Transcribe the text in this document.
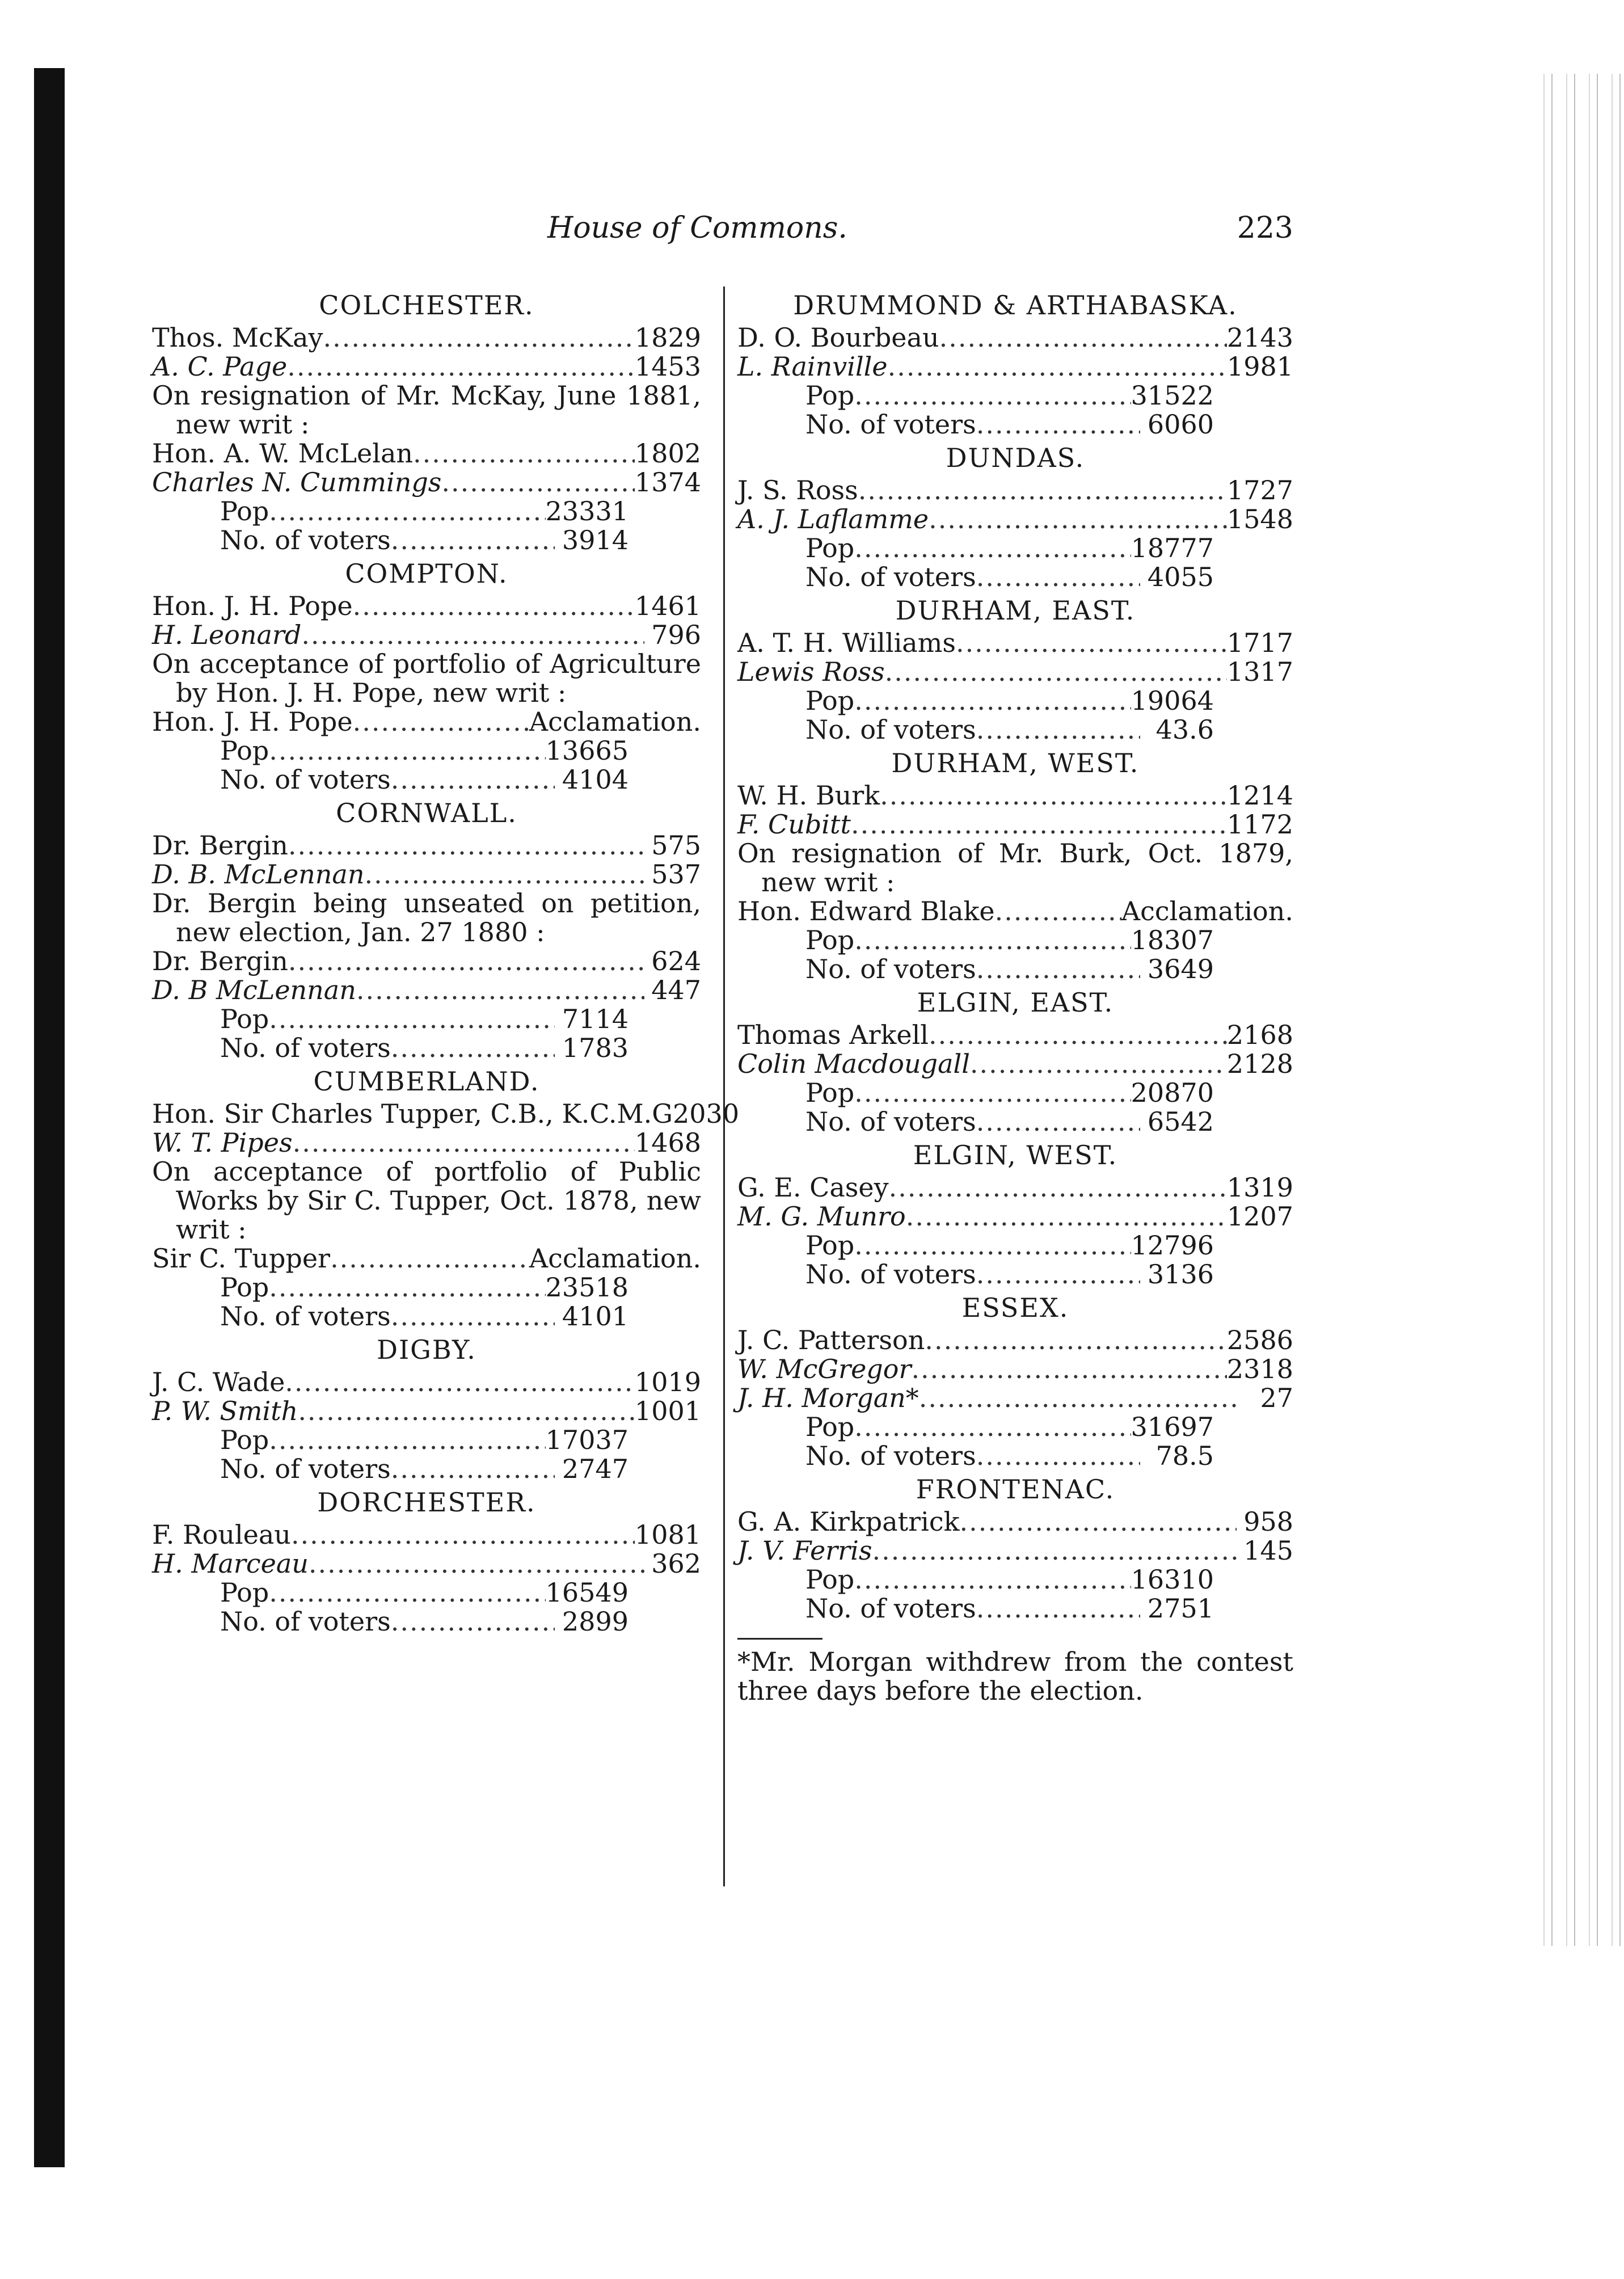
House of Commons.	223
COLCHESTER.
Thos. McKay .....	1829
A. C. Page .....	1453
On resignation of Mr. McKay, June 1881, new writ :
Hon. A. W. McLelan .....	1802
Charles N. Cummings .....	1374
Pop .....	23331
No. of voters .....	3914
COMPTON.
Hon. J. H. Pope .....	1461
H. Leonard .....	796
On acceptance of portfolio of Agriculture by Hon. J. H. Pope, new writ :
Hon. J. H. Pope .....	Acclamation.
Pop .....	13665
No. of voters .....	4104
CORNWALL.
Dr. Bergin .....	575
D. B. McLennan .....	537
Dr. Bergin being unseated on petition, new election, Jan. 27 1880 :
Dr. Bergin .....	624
D. B McLennan .....	447
Pop .....	7114
No. of voters .....	1783
CUMBERLAND.
Hon. Sir Charles Tupper, C.B., K.C.M.G 2030
W. T. Pipes .....	1468
On acceptance of portfolio of Public Works by Sir C. Tupper, Oct. 1878, new writ :
Sir C. Tupper .....	Acclamation.
Pop .....	23518
No. of voters .....	4101
DIGBY.
J. C. Wade .....	1019
P. W. Smith .....	1001
Pop .....	17037
No. of voters .....	2747
DORCHESTER.
F. Rouleau .....	1081
H. Marceau .....	362
Pop .....	16549
No. of voters .....	2899
DRUMMOND & ARTHABASKA.
D. O. Bourbeau .....	2143
L. Rainville .....	1981
Pop .....	31522
No. of voters .....	6060
DUNDAS.
J. S. Ross .....	1727
A. J. Laflamme .....	1548
Pop .....	18777
No. of voters .....	4055
DURHAM, EAST.
A. T. H. Williams .....	1717
Lewis Ross .....	1317
Pop .....	19064
No. of voters .....	43.6
DURHAM, WEST.
W. H. Burk .....	1214
F. Cubitt .....	1172
On resignation of Mr. Burk, Oct. 1879, new writ :
Hon. Edward Blake .....	Acclamation.
Pop .....	18307
No. of voters .....	3649
ELGIN, EAST.
Thomas Arkell .....	2168
Colin Macdougall .....	2128
Pop .....	20870
No. of voters .....	6542
ELGIN, WEST.
G. E. Casey .....	1319
M. G. Munro .....	1207
Pop .....	12796
No. of voters .....	3136
ESSEX.
J. C. Patterson .....	2586
W. McGregor .....	2318
J. H. Morgan* .....	27
Pop .....	31697
No. of voters .....	78.5
FRONTENAC.
G. A. Kirkpatrick .....	958
J. V. Ferris .....	145
Pop .....	16310
No. of voters .....	2751
*Mr. Morgan withdrew from the contest three days before the election.
